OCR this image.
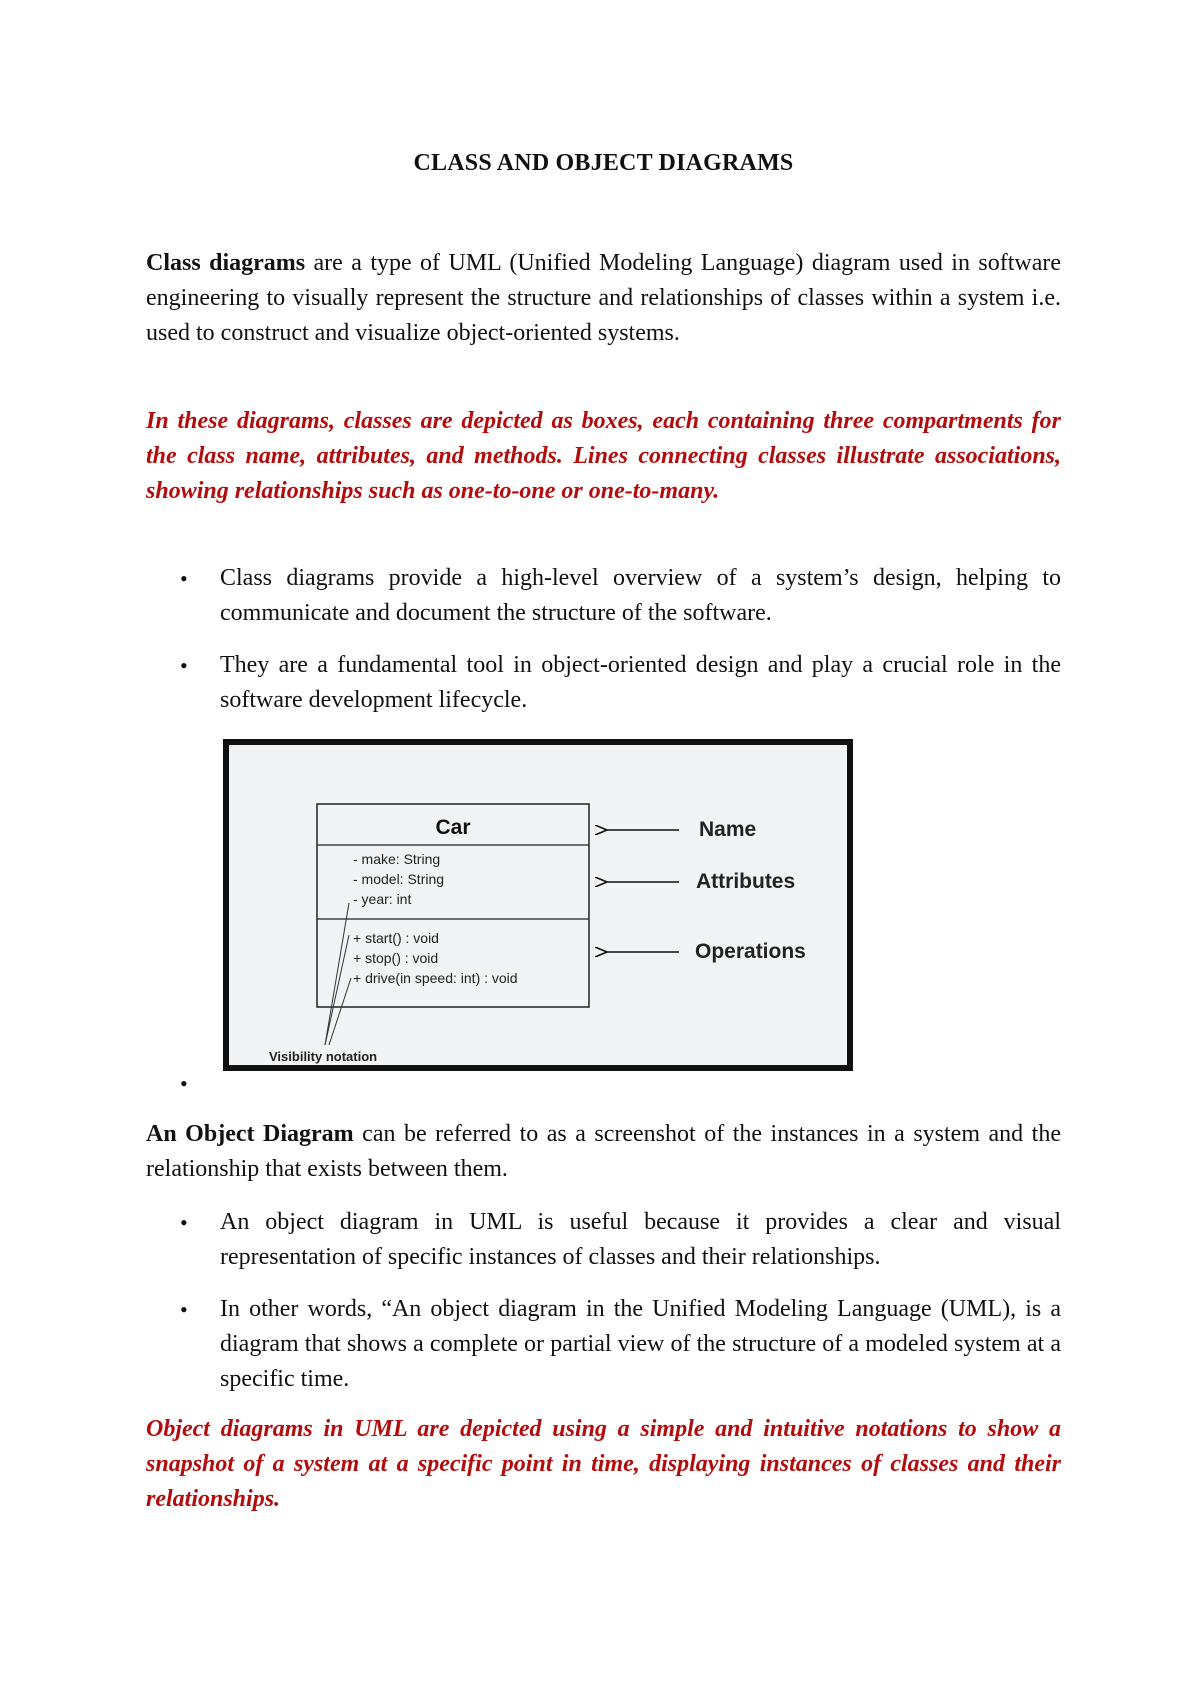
CLASS AND OBJECT DIAGRAMS

Class diagrams are a type of UML (Unified Modeling Language) diagram used in software engineering to visually represent the structure and relationships of classes within a system i.e. used to construct and visualize object-oriented systems.

In these diagrams, classes are depicted as boxes, each containing three compartments for the class name, attributes, and methods. Lines connecting classes illustrate associations, showing relationships such as one-to-one or one-to-many.

• Class diagrams provide a high-level overview of a system’s design, helping to communicate and document the structure of the software.
• They are a fundamental tool in object-oriented design and play a crucial role in the software development lifecycle.

An Object Diagram can be referred to as a screenshot of the instances in a system and the relationship that exists between them.

• An object diagram in UML is useful because it provides a clear and visual representation of specific instances of classes and their relationships.
• In other words, “An object diagram in the Unified Modeling Language (UML), is a diagram that shows a complete or partial view of the structure of a modeled system at a specific time.

Object diagrams in UML are depicted using a simple and intuitive notations to show a snapshot of a system at a specific point in time, displaying instances of classes and their relationships.

Car
- make: String
- model: String
- year: int
+ start() : void
+ stop() : void
+ drive(in speed: int) : void
Name
Attributes
Operations
Visibility notation
•
